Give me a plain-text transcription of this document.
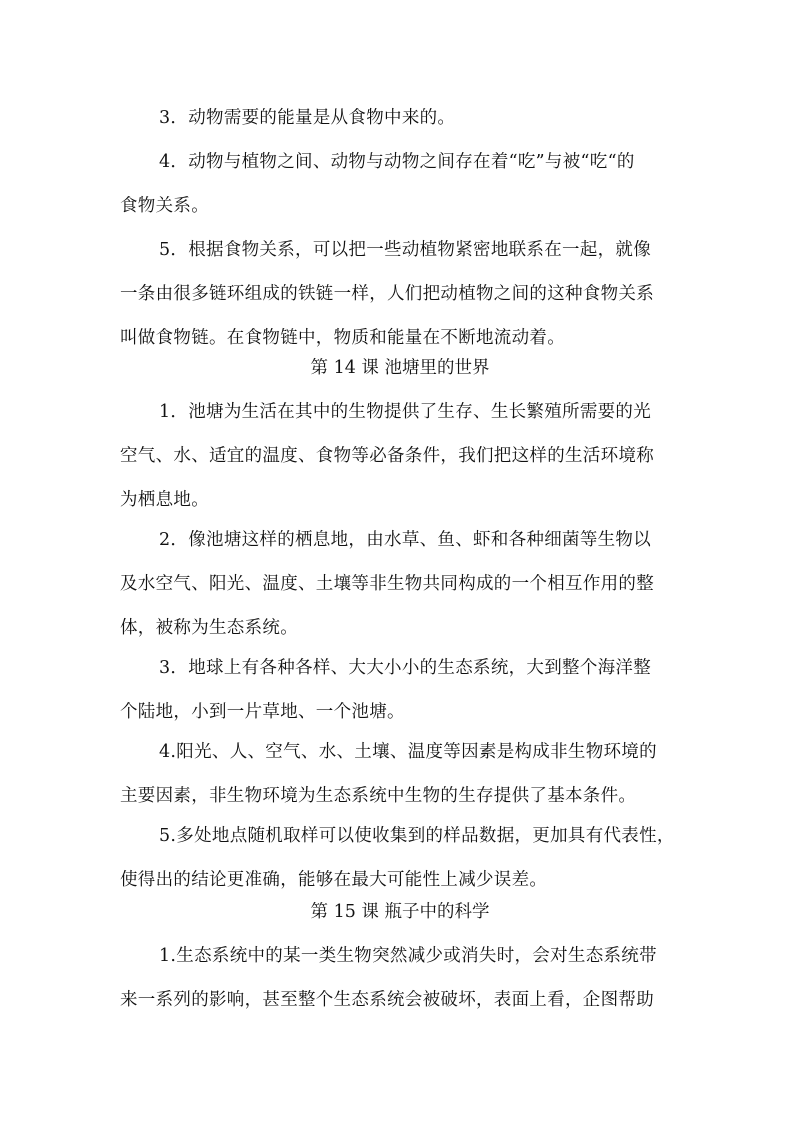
3．动物需要的能量是从食物中来的。

4．动物与植物之间、动物与动物之间存在着“吃”与被“吃“的
食物关系。

5．根据食物关系，可以把一些动植物紧密地联系在一起，就像
一条由很多链环组成的铁链一样，人们把动植物之间的这种食物关系
叫做食物链。在食物链中，物质和能量在不断地流动着。

第 14 课 池塘里的世界

1．池塘为生活在其中的生物提供了生存、生长繁殖所需要的光
空气、水、适宜的温度、食物等必备条件，我们把这样的生活环境称
为栖息地。

2．像池塘这样的栖息地，由水草、鱼、虾和各种细菌等生物以
及水空气、阳光、温度、土壤等非生物共同构成的一个相互作用的整
体，被称为生态系统。

3．地球上有各种各样、大大小小的生态系统，大到整个海洋整
个陆地，小到一片草地、一个池塘。

4.阳光、人、空气、水、土壤、温度等因素是构成非生物环境的
主要因素，非生物环境为生态系统中生物的生存提供了基本条件。

5.多处地点随机取样可以使收集到的样品数据，更加具有代表性，
使得出的结论更准确，能够在最大可能性上减少误差。

第 15 课 瓶子中的科学

1.生态系统中的某一类生物突然减少或消失时，会对生态系统带
来一系列的影响，甚至整个生态系统会被破坏，表面上看，企图帮助
